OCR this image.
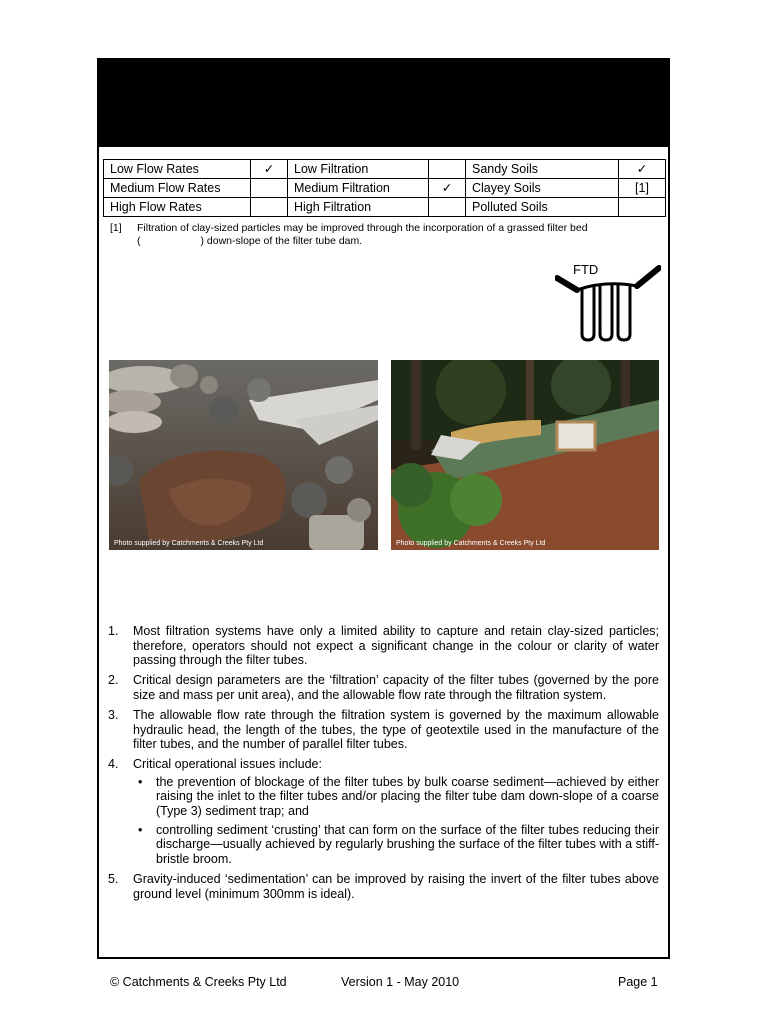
Low Flow Rates	✓	Low Filtration		Sandy Soils	✓
Medium Flow Rates		Medium Filtration	✓	Clayey Soils	[1]
High Flow Rates		High Filtration		Polluted Soils	
[1] Filtration of clay-sized particles may be improved through the incorporation of a grassed filter bed
(	) down-slope of the filter tube dam.
FTD
Photo supplied by Catchments & Creeks Pty Ltd	Photo supplied by Catchments & Creeks Pty Ltd
1. Most filtration systems have only a limited ability to capture and retain clay-sized particles; therefore, operators should not expect a significant change in the colour or clarity of water passing through the filter tubes.
2. Critical design parameters are the ‘filtration’ capacity of the filter tubes (governed by the pore size and mass per unit area), and the allowable flow rate through the filtration system.
3. The allowable flow rate through the filtration system is governed by the maximum allowable hydraulic head, the length of the tubes, the type of geotextile used in the manufacture of the filter tubes, and the number of parallel filter tubes.
4. Critical operational issues include:
• the prevention of blockage of the filter tubes by bulk coarse sediment—achieved by either raising the inlet to the filter tubes and/or placing the filter tube dam down-slope of a coarse (Type 3) sediment trap; and
• controlling sediment ‘crusting’ that can form on the surface of the filter tubes reducing their discharge—usually achieved by regularly brushing the surface of the filter tubes with a stiff-bristle broom.
5. Gravity-induced ‘sedimentation’ can be improved by raising the invert of the filter tubes above ground level (minimum 300mm is ideal).
© Catchments & Creeks Pty Ltd	Version 1 - May 2010	Page 1
